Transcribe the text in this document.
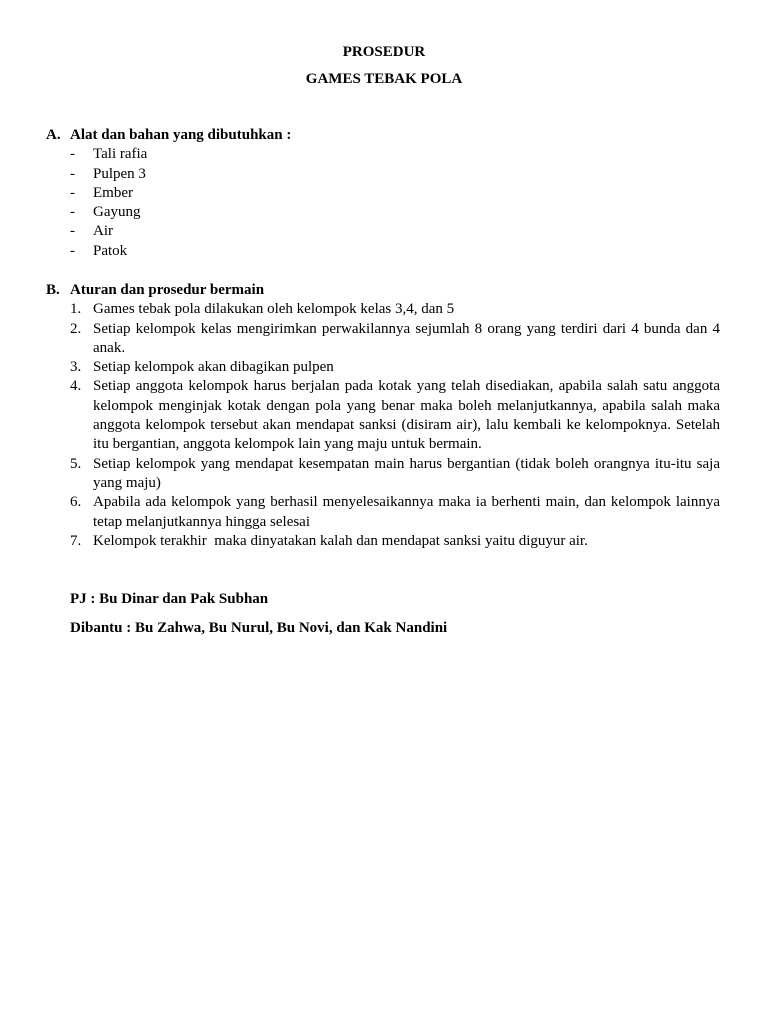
PROSEDUR
GAMES TEBAK POLA
A. Alat dan bahan yang dibutuhkan :
-	Tali rafia
-	Pulpen 3
-	Ember
-	Gayung
-	Air
-	Patok
B. Aturan dan prosedur bermain
1. Games tebak pola dilakukan oleh kelompok kelas 3,4, dan 5
2. Setiap kelompok kelas mengirimkan perwakilannya sejumlah 8 orang yang terdiri dari 4 bunda dan 4 anak.
3. Setiap kelompok akan dibagikan pulpen
4. Setiap anggota kelompok harus berjalan pada kotak yang telah disediakan, apabila salah satu anggota kelompok menginjak kotak dengan pola yang benar maka boleh melanjutkannya, apabila salah maka anggota kelompok tersebut akan mendapat sanksi (disiram air), lalu kembali ke kelompoknya. Setelah itu bergantian, anggota kelompok lain yang maju untuk bermain.
5. Setiap kelompok yang mendapat kesempatan main harus bergantian (tidak boleh orangnya itu-itu saja yang maju)
6. Apabila ada kelompok yang berhasil menyelesaikannya maka ia berhenti main, dan kelompok lainnya tetap melanjutkannya hingga selesai
7. Kelompok terakhir  maka dinyatakan kalah dan mendapat sanksi yaitu diguyur air.
PJ : Bu Dinar dan Pak Subhan
Dibantu : Bu Zahwa, Bu Nurul, Bu Novi, dan Kak Nandini
